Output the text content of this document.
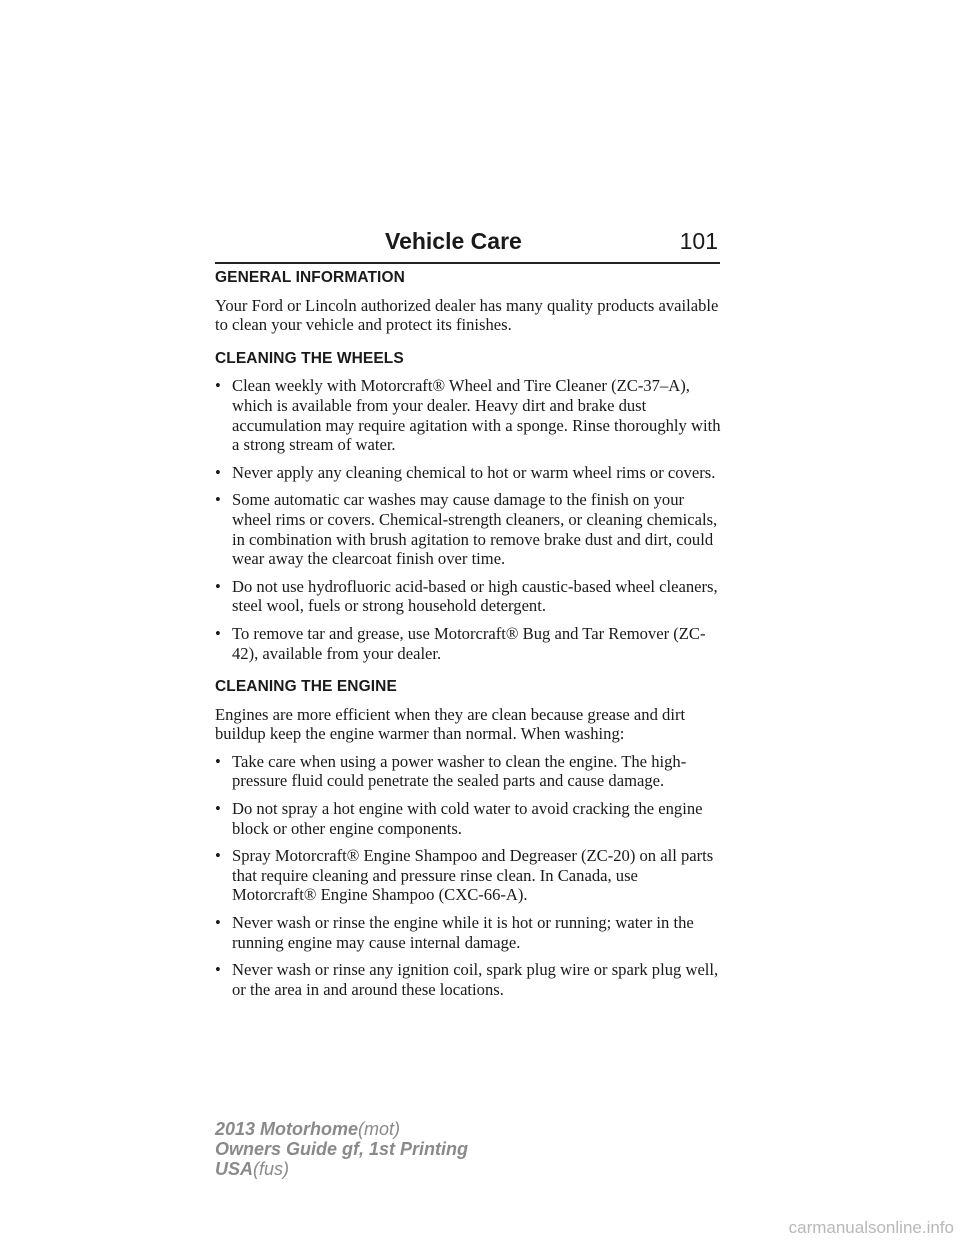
Vehicle Care	101
GENERAL INFORMATION

Your Ford or Lincoln authorized dealer has many quality products available to clean your vehicle and protect its finishes.

CLEANING THE WHEELS
• Clean weekly with Motorcraft® Wheel and Tire Cleaner (ZC-37–A), which is available from your dealer. Heavy dirt and brake dust accumulation may require agitation with a sponge. Rinse thoroughly with a strong stream of water.
• Never apply any cleaning chemical to hot or warm wheel rims or covers.
• Some automatic car washes may cause damage to the finish on your wheel rims or covers. Chemical-strength cleaners, or cleaning chemicals, in combination with brush agitation to remove brake dust and dirt, could wear away the clearcoat finish over time.
• Do not use hydrofluoric acid-based or high caustic-based wheel cleaners, steel wool, fuels or strong household detergent.
• To remove tar and grease, use Motorcraft® Bug and Tar Remover (ZC-42), available from your dealer.
CLEANING THE ENGINE

Engines are more efficient when they are clean because grease and dirt buildup keep the engine warmer than normal. When washing:

• Take care when using a power washer to clean the engine. The high-pressure fluid could penetrate the sealed parts and cause damage.
• Do not spray a hot engine with cold water to avoid cracking the engine block or other engine components.
• Spray Motorcraft® Engine Shampoo and Degreaser (ZC-20) on all parts that require cleaning and pressure rinse clean. In Canada, use Motorcraft® Engine Shampoo (CXC-66-A).
• Never wash or rinse the engine while it is hot or running; water in the running engine may cause internal damage.
• Never wash or rinse any ignition coil, spark plug wire or spark plug well, or the area in and around these locations.
2013 Motorhome(mot)
Owners Guide gf, 1st Printing
USA(fus)
carmanualsonline.info
